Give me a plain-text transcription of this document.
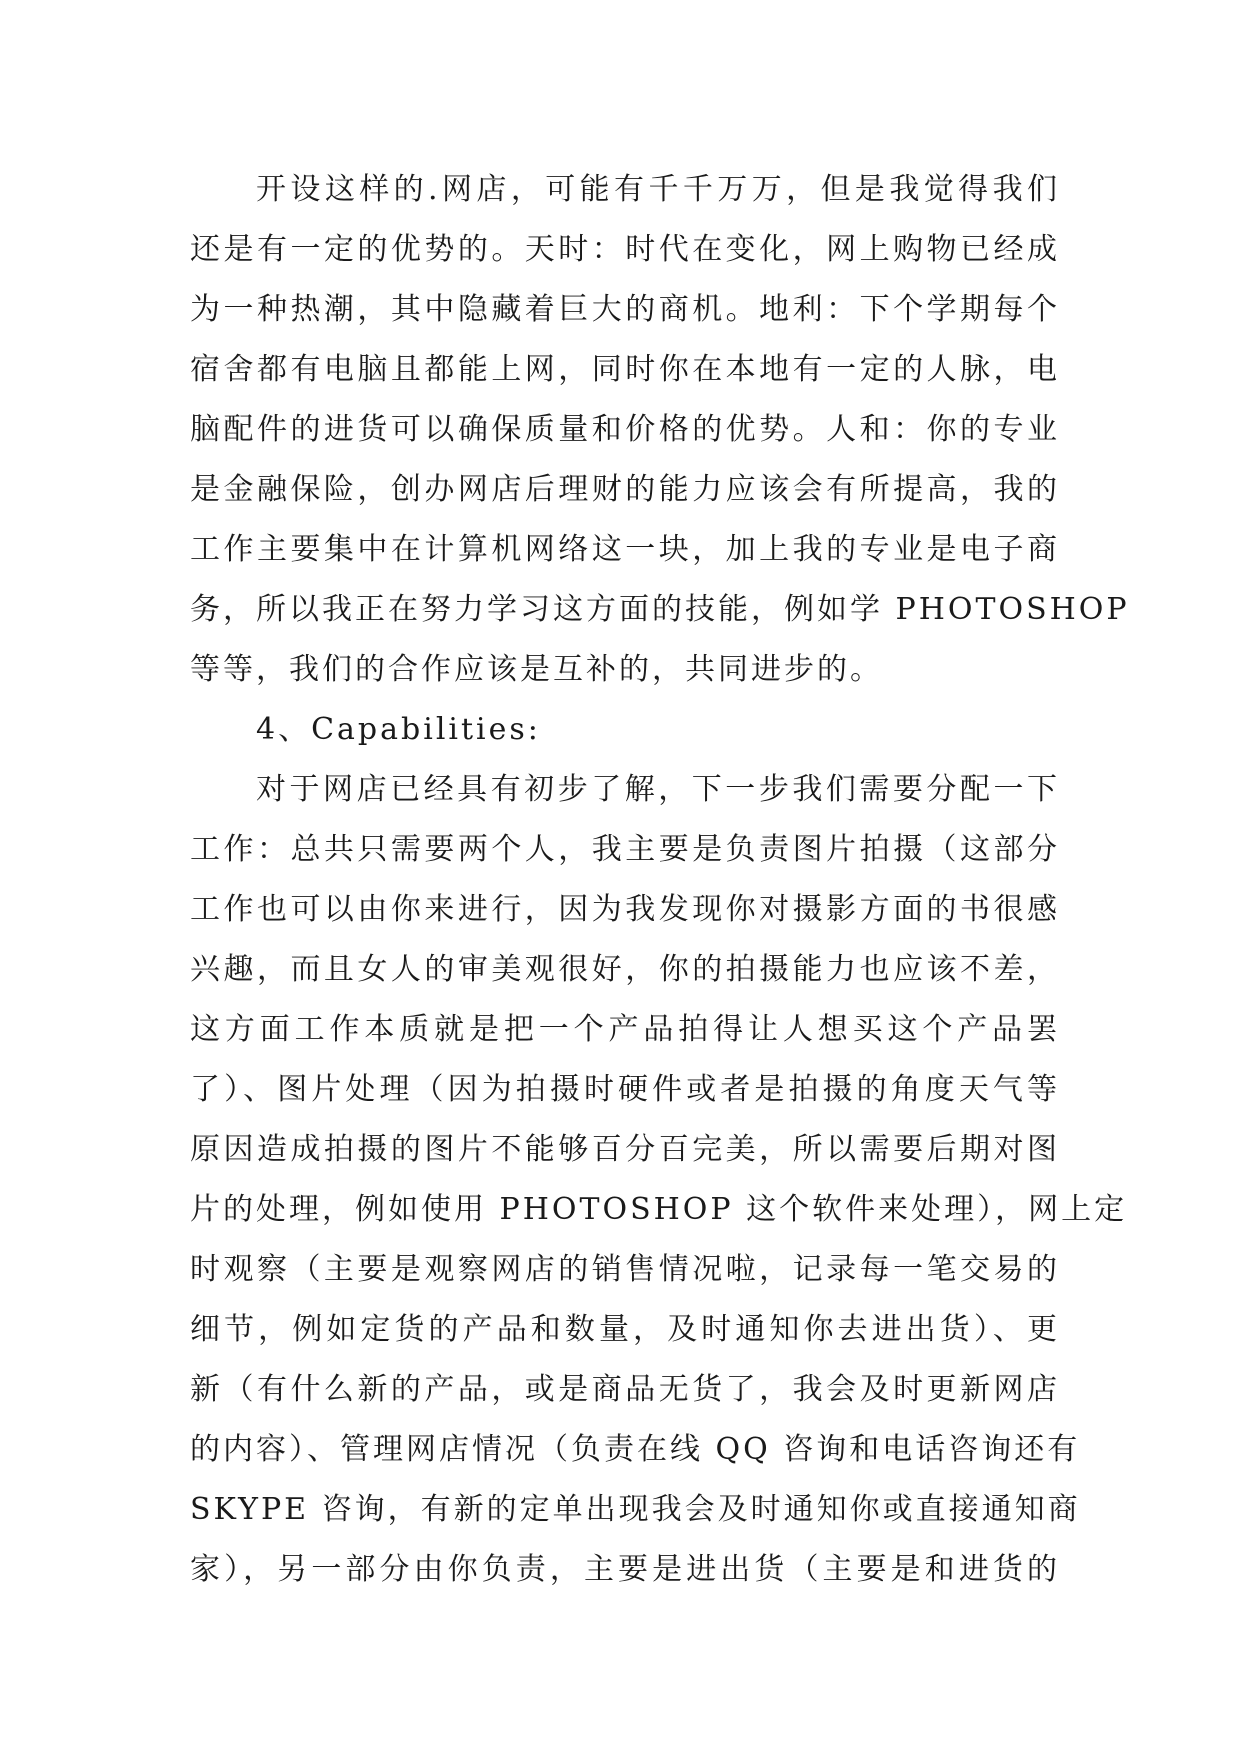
开设这样的.网店，可能有千千万万，但是我觉得我们
还是有一定的优势的。天时：时代在变化，网上购物已经成
为一种热潮，其中隐藏着巨大的商机。地利：下个学期每个
宿舍都有电脑且都能上网，同时你在本地有一定的人脉，电
脑配件的进货可以确保质量和价格的优势。人和：你的专业
是金融保险，创办网店后理财的能力应该会有所提高，我的
工作主要集中在计算机网络这一块，加上我的专业是电子商
务，所以我正在努力学习这方面的技能，例如学 PHOTOSHOP
等等，我们的合作应该是互补的，共同进步的。
4、Capabilities:
对于网店已经具有初步了解，下一步我们需要分配一下
工作：总共只需要两个人，我主要是负责图片拍摄（这部分
工作也可以由你来进行，因为我发现你对摄影方面的书很感
兴趣，而且女人的审美观很好，你的拍摄能力也应该不差，
这方面工作本质就是把一个产品拍得让人想买这个产品罢
了）、图片处理（因为拍摄时硬件或者是拍摄的角度天气等
原因造成拍摄的图片不能够百分百完美，所以需要后期对图
片的处理，例如使用 PHOTOSHOP 这个软件来处理），网上定
时观察（主要是观察网店的销售情况啦，记录每一笔交易的
细节，例如定货的产品和数量，及时通知你去进出货）、更
新（有什么新的产品，或是商品无货了，我会及时更新网店
的内容）、管理网店情况（负责在线 QQ 咨询和电话咨询还有
SKYPE 咨询，有新的定单出现我会及时通知你或直接通知商
家），另一部分由你负责，主要是进出货（主要是和进货的
